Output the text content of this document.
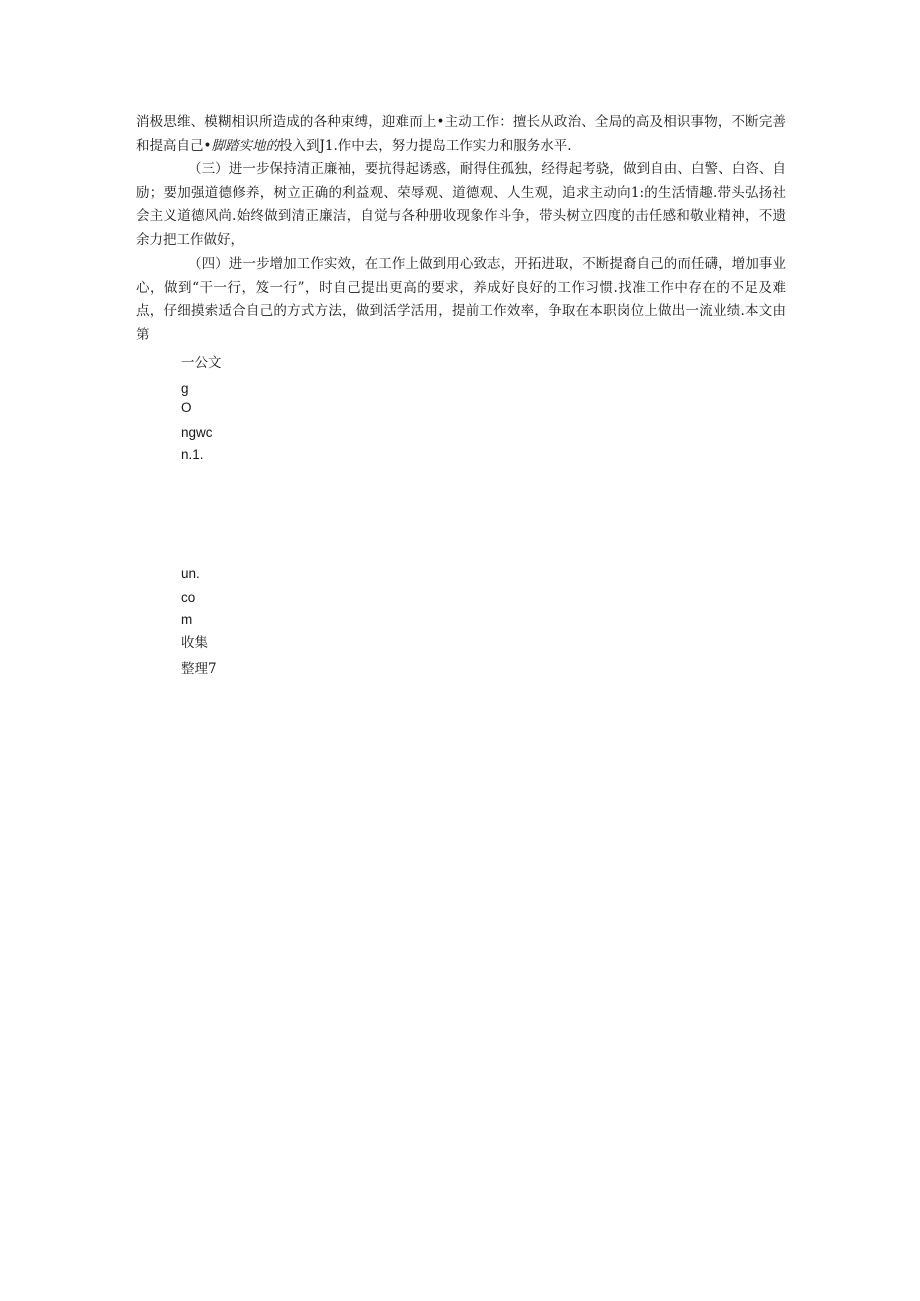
消极思维、模糊相识所造成的各种束缚，迎难而上•主动工作：擅长从政治、全局的高及相识事物，不断完善和提高自己•脚踏实地的投入到J1.作中去，努力提岛工作实力和服务水平.

（三）进一步保持清正廉袖，要抗得起诱惑，耐得住孤独，经得起考骁，做到自由、白警、白咨、自励；要加强道德修养，树立正确的利益观、荣辱观、道德观、人生观，追求主动向1:的生活情趣.带头弘扬社会主义道德风尚.始终做到清正廉洁，自觉与各种册收现象作斗争，带头树立四度的击任感和敬业精神，不遗余力把工作做好，

（四）进一步增加工作实效，在工作上做到用心致志，开拓进取，不断提裔自己的而任礴，增加事业心，做到“干一行，笈一行”，时自己提出更高的要求，养成好良好的工作习惯.找准工作中存在的不足及难点，仔细摸索适合自己的方式方法，做到活学活用，提前工作效率，争取在本职岗位上做出一流业绩.本文由第

一公文
g
O
ngwc
n.1.
un.
co
m
收集
整理7
